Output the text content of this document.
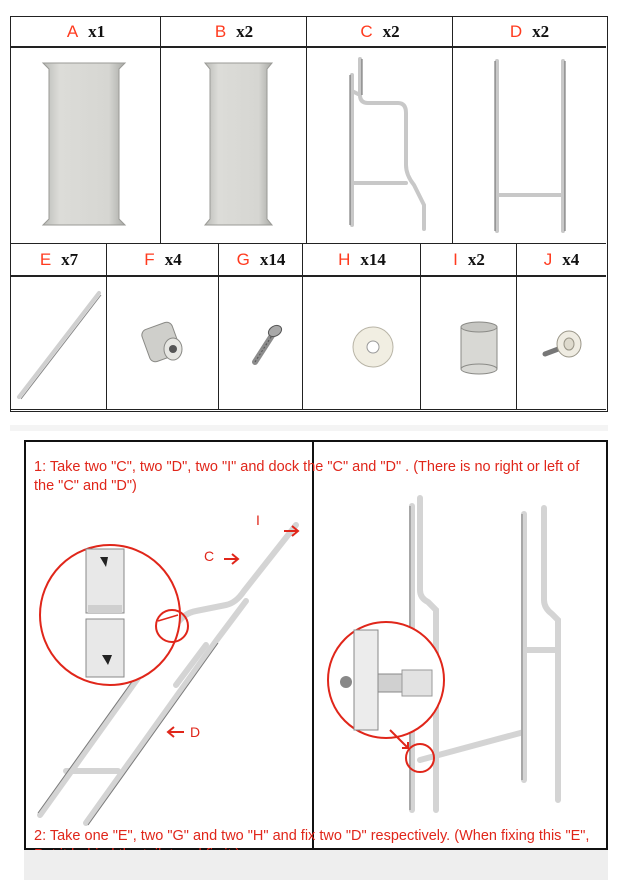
A x1	B x2	C x2	D x2
E x7	F x4	G x14	H x14	I x2	J x4
1: Take two "C", two "D", two "I" and dock the "C" and "D" . (There is no right or left of the "C" and "D")
I
C
D
2: Take one "E", two "G" and two "H" and fix two "D" respectively. (When fixing this "E",
